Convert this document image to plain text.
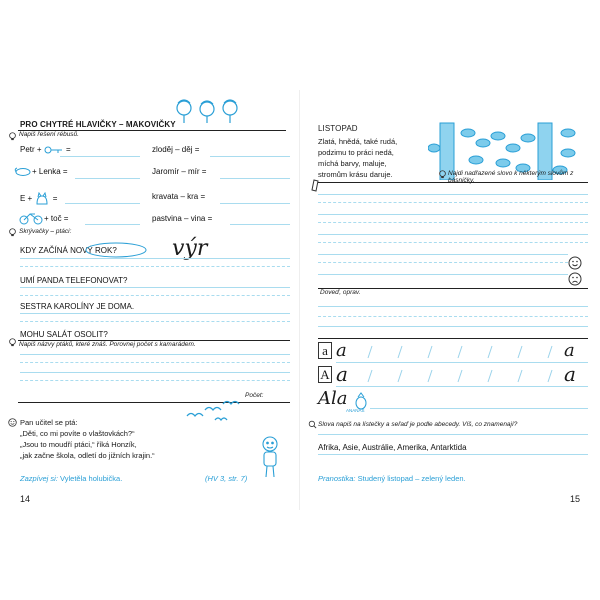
PRO CHYTRÉ HLAVIČKY – MAKOVIČKY
Napiš řešení rébusů.
Petr +	=	zloděj – děj =
+ Lenka =	Jaromír – mír =
E +	=	kravata – kra =
+ toč =	pastvina – vina =
Skrývačky – ptáci:
KDY ZAČÍNÁ NOVÝ ROK?	výr
UMÍ PANDA TELEFONOVAT?
SESTRA KAROLÍNY JE DOMA.
MOHU SALÁT OSOLIT?
Napiš názvy ptáků, které znáš. Porovnej počet s kamarádem.
Počet:
Pan učitel se ptá:
„Děti, co mi povíte o vlaštovkách?“
„Jsou to moudří ptáci,“ říká Honzík,
„jak začne škola, odletí do jižních krajin.“
Zazpívej si: Vyletěla holubička.	(HV 3, str. 7)
14
LISTOPAD
Zlatá, hnědá, také rudá,
podzimu to práci nedá,
míchá barvy, maluje,
stromům krásu daruje.	Najdi nadřazené slovo k některým slovům z básničky.
Doveď, oprav.
a a	a
A a	a
Ala
ANANAS
Slova napiš na lístečky a seřaď je podle abecedy. Víš, co znamenají?
Afrika, Asie, Austrálie, Amerika, Antarktida
Pranostika: Studený listopad – zelený leden.
15
